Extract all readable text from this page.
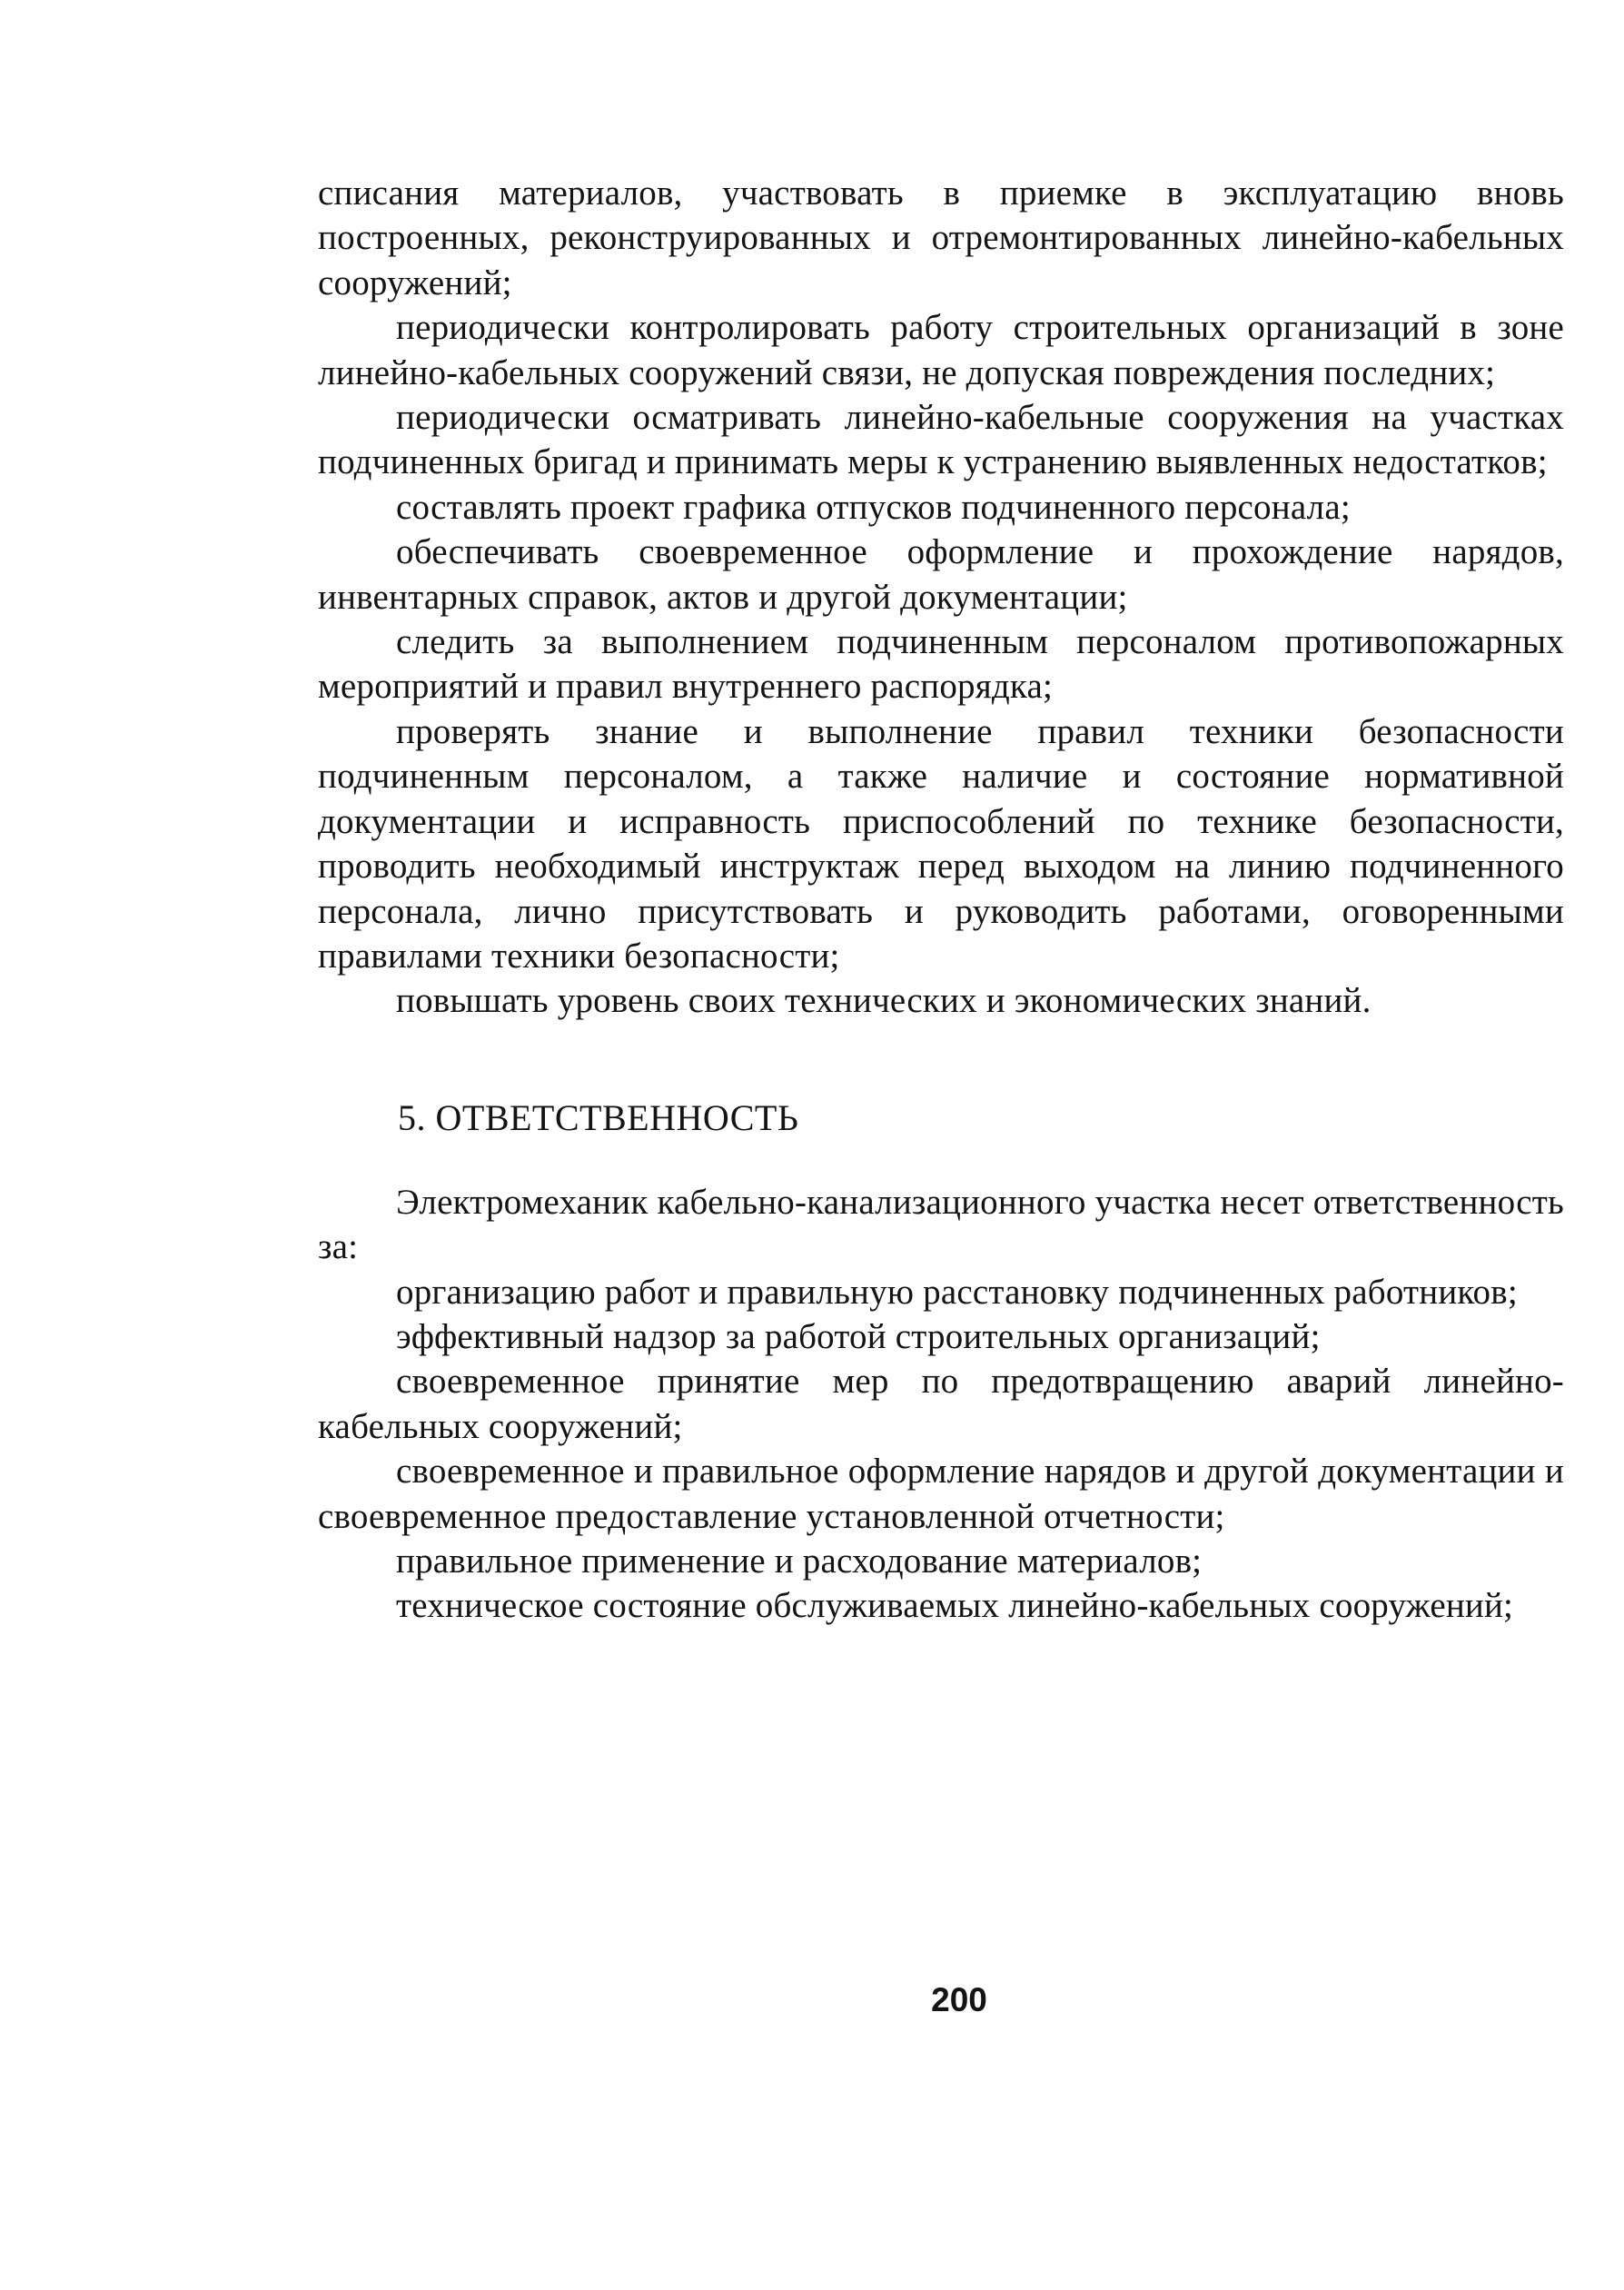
списания материалов, участвовать в приемке в эксплуатацию вновь построенных, реконструированных и отремонтированных линейно-кабельных сооружений;

периодически контролировать работу строительных организаций в зоне линейно-кабельных сооружений связи, не допуская повреждения последних;

периодически осматривать линейно-кабельные сооружения на участках подчиненных бригад и принимать меры к устранению выявленных недостатков;

составлять проект графика отпусков подчиненного персонала;

обеспечивать своевременное оформление и прохождение нарядов, инвентарных справок, актов и другой документации;

следить за выполнением подчиненным персоналом противопожарных мероприятий и правил внутреннего распорядка;

проверять знание и выполнение правил техники безопасности подчиненным персоналом, а также наличие и состояние нормативной документации и исправность приспособлений по технике безопасности, проводить необходимый инструктаж перед выходом на линию подчиненного персонала, лично присутствовать и руководить работами, оговоренными правилами техники безопасности;

повышать уровень своих технических и экономических знаний.

5. ОТВЕТСТВЕННОСТЬ

Электромеханик кабельно-канализационного участка несет ответственность за:

организацию работ и правильную расстановку подчиненных работников;

эффективный надзор за работой строительных организаций;

своевременное принятие мер по предотвращению аварий линейно-кабельных сооружений;

своевременное и правильное оформление нарядов и другой документации и своевременное предоставление установленной отчетности;

правильное применение и расходование материалов;

техническое состояние обслуживаемых линейно-кабельных сооружений;

200
